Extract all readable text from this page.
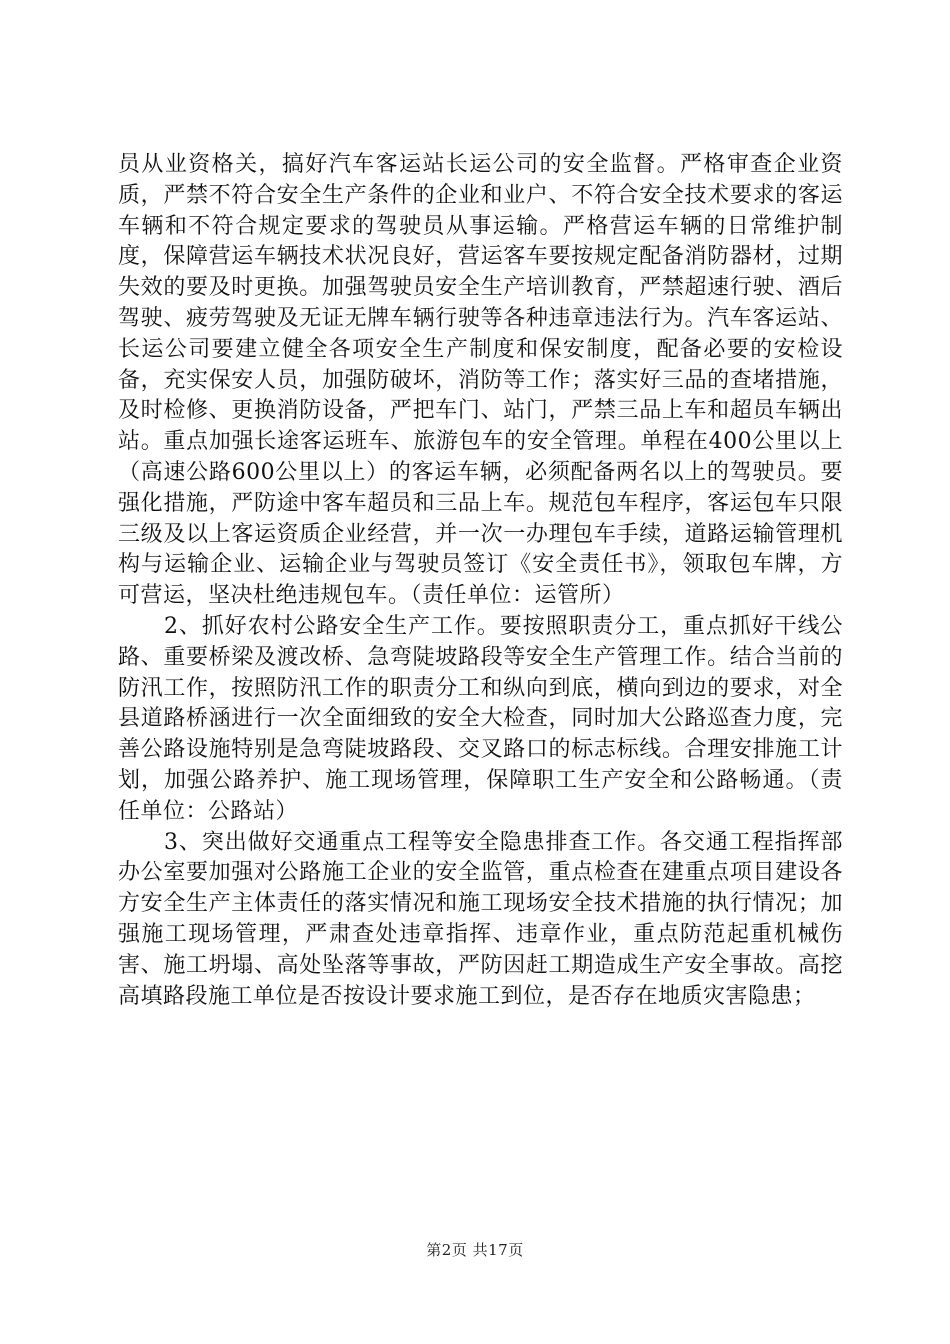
员从业资格关，搞好汽车客运站长运公司的安全监督。严格审查企业资质，严禁不符合安全生产条件的企业和业户、不符合安全技术要求的客运车辆和不符合规定要求的驾驶员从事运输。严格营运车辆的日常维护制度，保障营运车辆技术状况良好，营运客车要按规定配备消防器材，过期失效的要及时更换。加强驾驶员安全生产培训教育，严禁超速行驶、酒后驾驶、疲劳驾驶及无证无牌车辆行驶等各种违章违法行为。汽车客运站、长运公司要建立健全各项安全生产制度和保安制度，配备必要的安检设备，充实保安人员，加强防破坏，消防等工作；落实好三品的查堵措施，及时检修、更换消防设备，严把车门、站门，严禁三品上车和超员车辆出站。重点加强长途客运班车、旅游包车的安全管理。单程在400公里以上（高速公路600公里以上）的客运车辆，必须配备两名以上的驾驶员。要强化措施，严防途中客车超员和三品上车。规范包车程序，客运包车只限三级及以上客运资质企业经营，并一次一办理包车手续，道路运输管理机构与运输企业、运输企业与驾驶员签订《安全责任书》，领取包车牌，方可营运，坚决杜绝违规包车。（责任单位：运管所）

2、抓好农村公路安全生产工作。要按照职责分工，重点抓好干线公路、重要桥梁及渡改桥、急弯陡坡路段等安全生产管理工作。结合当前的防汛工作，按照防汛工作的职责分工和纵向到底，横向到边的要求，对全县道路桥涵进行一次全面细致的安全大检查，同时加大公路巡查力度，完善公路设施特别是急弯陡坡路段、交叉路口的标志标线。合理安排施工计划，加强公路养护、施工现场管理，保障职工生产安全和公路畅通。（责任单位：公路站）

3、突出做好交通重点工程等安全隐患排查工作。各交通工程指挥部办公室要加强对公路施工企业的安全监管，重点检查在建重点项目建设各方安全生产主体责任的落实情况和施工现场安全技术措施的执行情况；加强施工现场管理，严肃查处违章指挥、违章作业，重点防范起重机械伤害、施工坍塌、高处坠落等事故，严防因赶工期造成生产安全事故。高挖高填路段施工单位是否按设计要求施工到位，是否存在地质灾害隐患；

第2页 共17页
